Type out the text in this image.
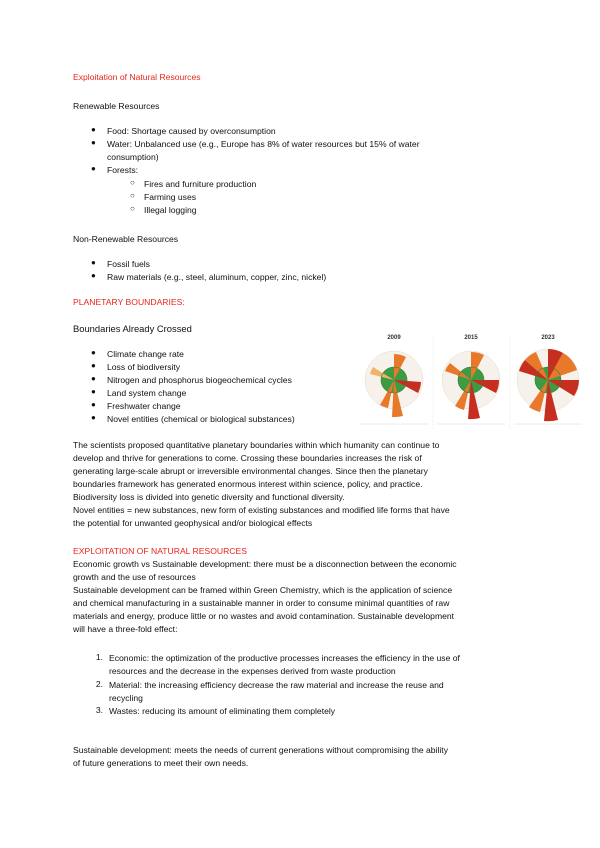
Exploitation of Natural Resources
Renewable Resources
●	Food: Shortage caused by overconsumption
●	Water: Unbalanced use (e.g., Europe has 8% of water resources but 15% of water
consumption)
●	Forests:
○	Fires and furniture production
○	Farming uses
○	Illegal logging
Non-Renewable Resources
●	Fossil fuels
●	Raw materials (e.g., steel, aluminum, copper, zinc, nickel)
PLANETARY BOUNDARIES:
Boundaries Already Crossed
●	Climate change rate
●	Loss of biodiversity
●	Nitrogen and phosphorus biogeochemical cycles
●	Land system change
●	Freshwater change
●	Novel entities (chemical or biological substances)
2009	2015	2023
The scientists proposed quantitative planetary boundaries within which humanity can continue to
develop and thrive for generations to come. Crossing these boundaries increases the risk of
generating large-scale abrupt or irreversible environmental changes. Since then the planetary
boundaries framework has generated enormous interest within science, policy, and practice.
Biodiversity loss is divided into genetic diversity and functional diversity.
Novel entities = new substances, new form of existing substances and modified life forms that have
the potential for unwanted geophysical and/or biological effects
EXPLOITATION OF NATURAL RESOURCES
Economic growth vs Sustainable development: there must be a disconnection between the economic
growth and the use of resources
Sustainable development can be framed within Green Chemistry, which is the application of science
and chemical manufacturing in a sustainable manner in order to consume minimal quantities of raw
materials and energy, produce little or no wastes and avoid contamination. Sustainable development
will have a three-fold effect:
1. Economic: the optimization of the productive processes increases the efficiency in the use of
resources and the decrease in the expenses derived from waste production
2. Material: the increasing efficiency decrease the raw material and increase the reuse and
recycling
3. Wastes: reducing its amount of eliminating them completely
Sustainable development: meets the needs of current generations without compromising the ability
of future generations to meet their own needs.
